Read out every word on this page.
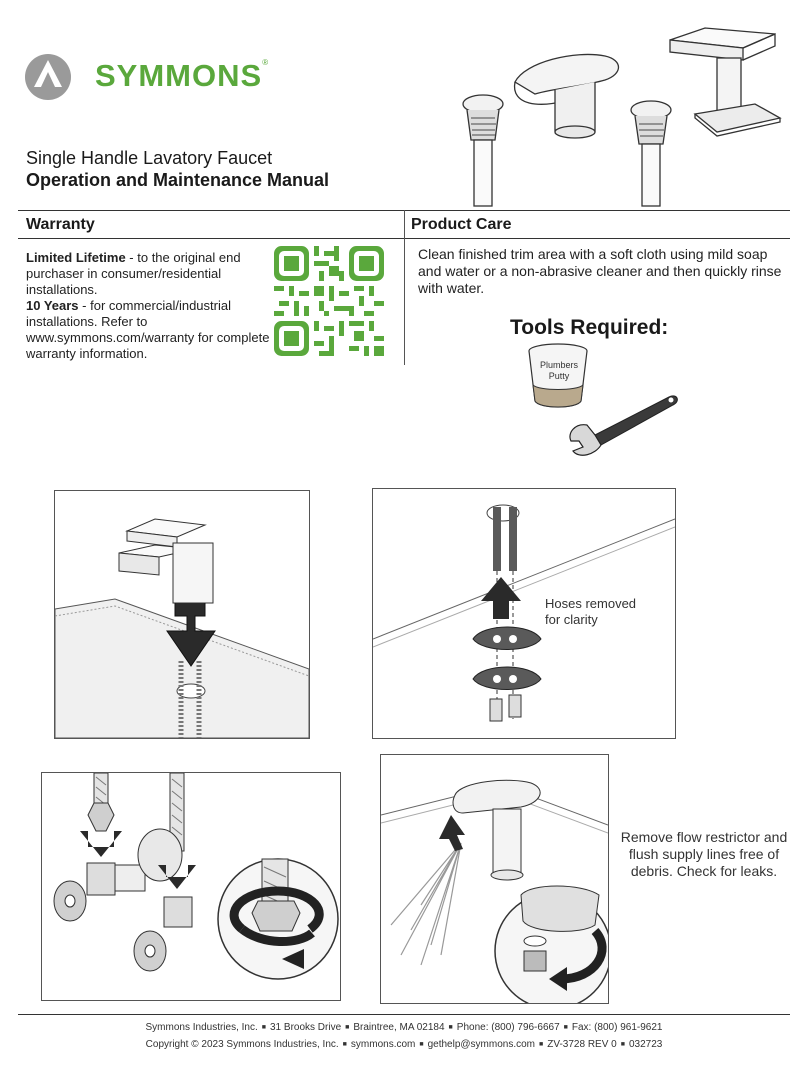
SYMMONS®
Single Handle Lavatory Faucet
Operation and Maintenance Manual
Warranty	Product Care
Limited Lifetime - to the original end purchaser in consumer/residential installations.
10 Years - for commercial/industrial installations. Refer to www.symmons.com/warranty for complete warranty information.
Clean finished trim area with a soft cloth using mild soap and water or a non-abrasive cleaner and then quickly rinse with water.
Tools Required:
Plumbers
Putty
Hoses removed
for clarity
Remove flow restrictor and flush supply lines free of debris. Check for leaks.
Symmons Industries, Inc. ■ 31 Brooks Drive ■ Braintree, MA 02184 ■ Phone: (800) 796-6667 ■ Fax: (800) 961-9621
Copyright © 2023 Symmons Industries, Inc. ■ symmons.com ■ gethelp@symmons.com ■ ZV-3728 REV 0 ■ 032723
